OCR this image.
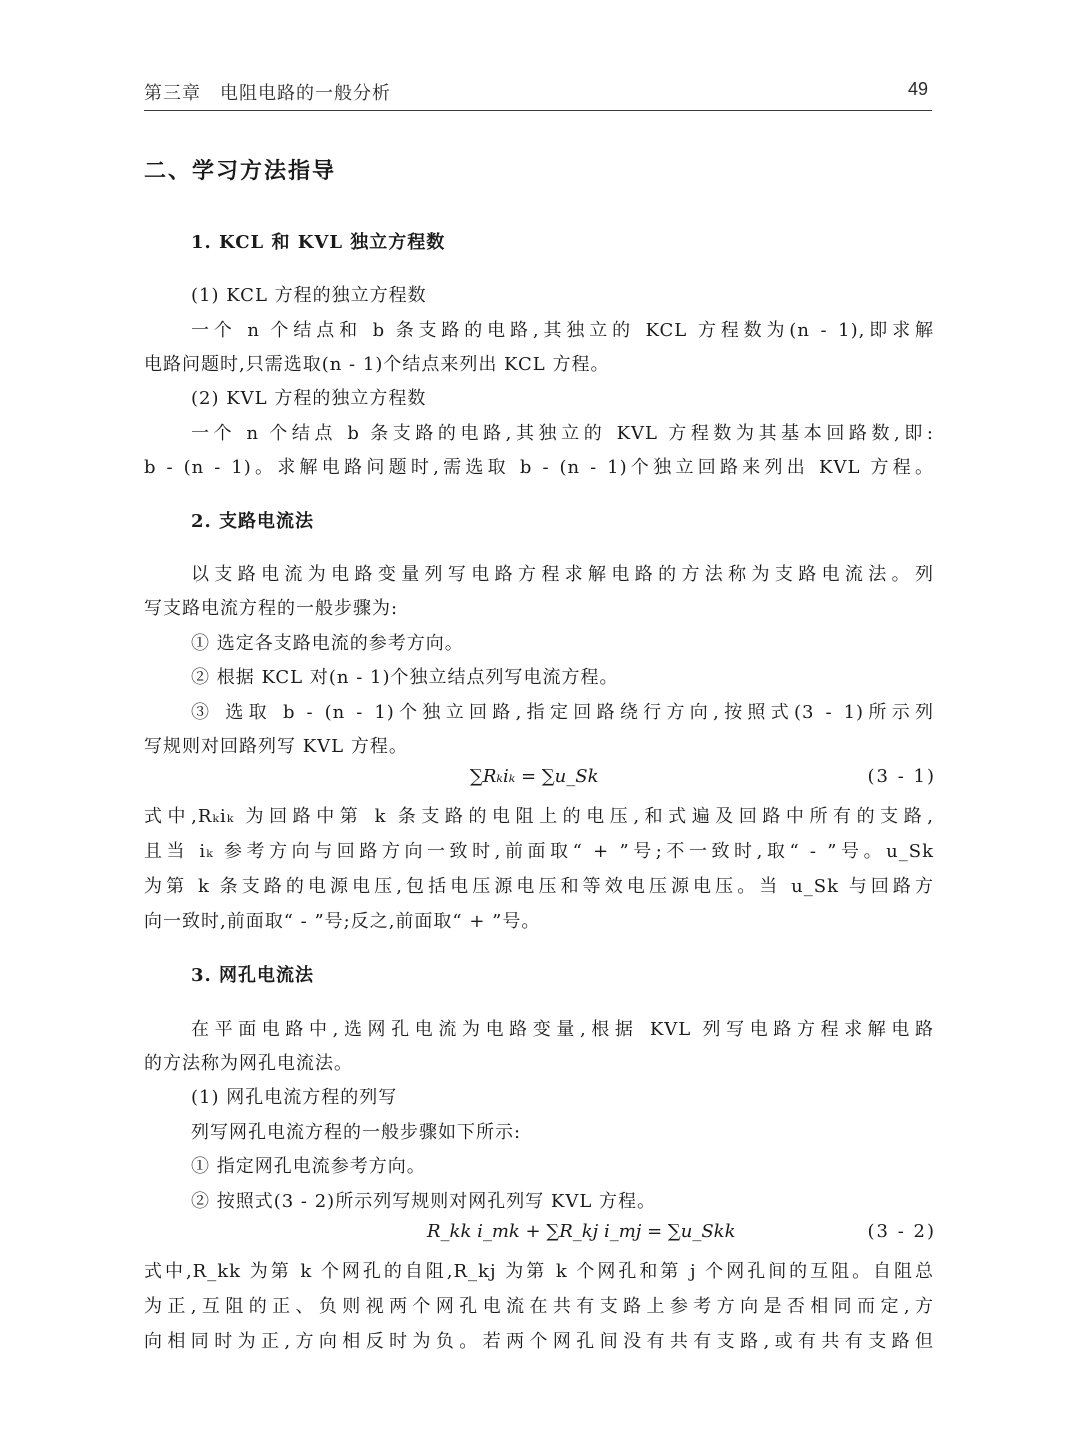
第三章　电阻电路的一般分析	49
二、学习方法指导
1. KCL 和 KVL 独立方程数
(1) KCL 方程的独立方程数
一个 n 个结点和 b 条支路的电路,其独立的 KCL 方程数为(n - 1),即求解
电路问题时,只需选取(n - 1)个结点来列出 KCL 方程。
(2) KVL 方程的独立方程数
一个 n 个结点 b 条支路的电路,其独立的 KVL 方程数为其基本回路数,即:
b - (n - 1)。求解电路问题时,需选取 b - (n - 1)个独立回路来列出 KVL 方程。
2. 支路电流法
以支路电流为电路变量列写电路方程求解电路的方法称为支路电流法。列
写支路电流方程的一般步骤为:
① 选定各支路电流的参考方向。
② 根据 KCL 对(n - 1)个独立结点列写电流方程。
③ 选取 b - (n - 1)个独立回路,指定回路绕行方向,按照式(3 - 1)所示列
写规则对回路列写 KVL 方程。
∑Rₖiₖ = ∑u_Sk	(3 - 1)
式中,Rₖiₖ 为回路中第 k 条支路的电阻上的电压,和式遍及回路中所有的支路,
且当 iₖ 参考方向与回路方向一致时,前面取“ + ”号;不一致时,取“ - ”号。u_Sk
为第 k 条支路的电源电压,包括电压源电压和等效电压源电压。当 u_Sk 与回路方
向一致时,前面取“ - ”号;反之,前面取“ + ”号。
3. 网孔电流法
在平面电路中,选网孔电流为电路变量,根据 KVL 列写电路方程求解电路
的方法称为网孔电流法。
(1) 网孔电流方程的列写
列写网孔电流方程的一般步骤如下所示:
① 指定网孔电流参考方向。
② 按照式(3 - 2)所示列写规则对网孔列写 KVL 方程。
R_kk i_mk + ∑R_kj i_mj = ∑u_Skk	(3 - 2)
式中,R_kk 为第 k 个网孔的自阻,R_kj 为第 k 个网孔和第 j 个网孔间的互阻。自阻总
为正,互阻的正、负则视两个网孔电流在共有支路上参考方向是否相同而定,方
向相同时为正,方向相反时为负。若两个网孔间没有共有支路,或有共有支路但
